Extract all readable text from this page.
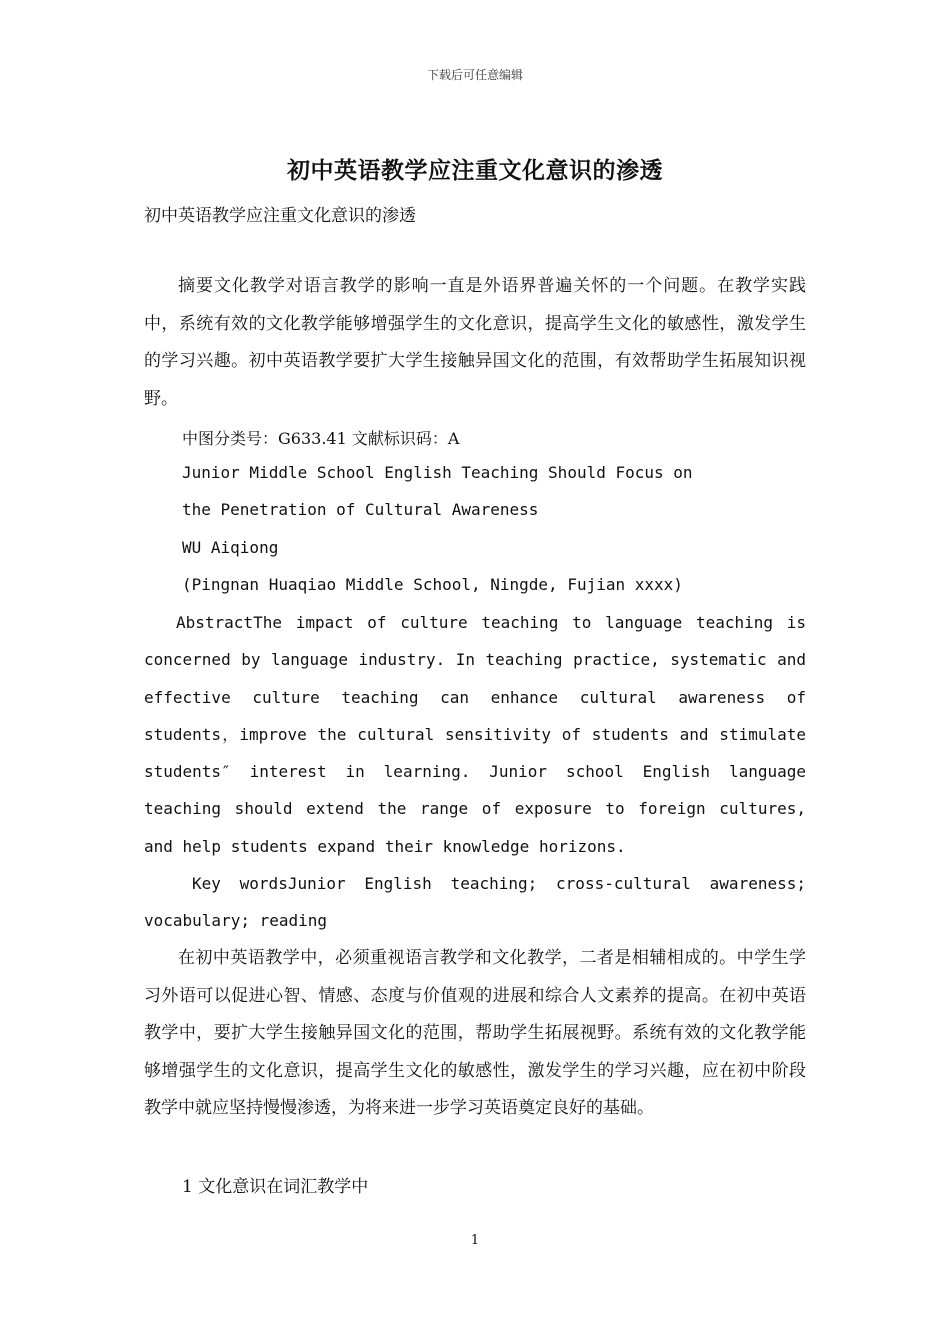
下载后可任意编辑
初中英语教学应注重文化意识的渗透
初中英语教学应注重文化意识的渗透

摘要文化教学对语言教学的影响一直是外语界普遍关怀的一个问题。在教学实践中，系统有效的文化教学能够增强学生的文化意识，提高学生文化的敏感性，激发学生的学习兴趣。初中英语教学要扩大学生接触异国文化的范围，有效帮助学生拓展知识视野。

中图分类号：G633.41 文献标识码：A
Junior Middle School English Teaching Should Focus on
the Penetration of Cultural Awareness
WU Aiqiong
(Pingnan Huaqiao Middle School, Ningde, Fujian xxxx)

AbstractThe impact of culture teaching to language teaching is concerned by language industry. In teaching practice, systematic and effective culture teaching can enhance cultural awareness of students，improve the cultural sensitivity of students and stimulate students″ interest in learning. Junior school English language teaching should extend the range of exposure to foreign cultures, and help students expand their knowledge horizons.

Key wordsJunior English teaching; cross-cultural awareness; vocabulary; reading

在初中英语教学中，必须重视语言教学和文化教学，二者是相辅相成的。中学生学习外语可以促进心智、情感、态度与价值观的进展和综合人文素养的提高。在初中英语教学中，要扩大学生接触异国文化的范围，帮助学生拓展视野。系统有效的文化教学能够增强学生的文化意识，提高学生文化的敏感性，激发学生的学习兴趣，应在初中阶段教学中就应坚持慢慢渗透，为将来进一步学习英语奠定良好的基础。

1 文化意识在词汇教学中
1
